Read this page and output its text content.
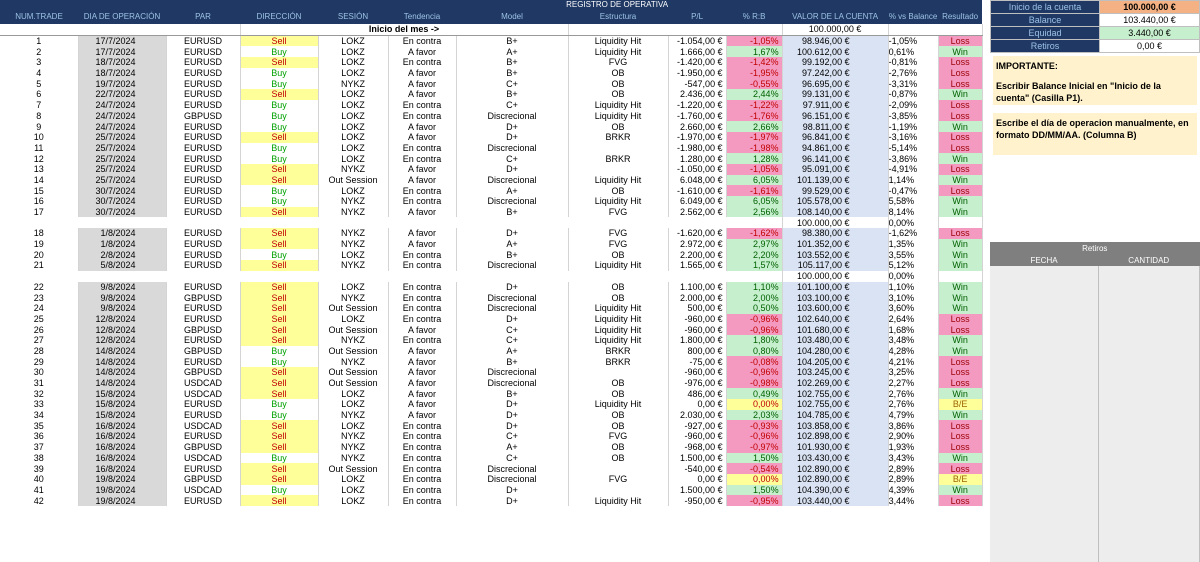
REGISTRO DE OPERATIVA												
NUM.TRADE	DIA DE OPERACIÓN	PAR	DIRECCIÓN	SESIÓN	Tendencia	Model	Estructura	P/L	% R:B	VALOR DE LA CUENTA	% vs Balance	Resultado
			Inicio del mes ->							100.000,00 €		
1	17/7/2024	EURUSD	Sell	LOKZ	En contra	B+	Liquidity Hit	-1.054,00 €	-1,05%	98.946,00 €	-1,05%	Loss
2	17/7/2024	EURUSD	Buy	LOKZ	A favor	A+	Liquidity Hit	1.666,00 €	1,67%	100.612,00 €	0,61%	Win
3	18/7/2024	EURUSD	Sell	LOKZ	En contra	B+	FVG	-1.420,00 €	-1,42%	99.192,00 €	-0,81%	Loss
4	18/7/2024	EURUSD	Buy	LOKZ	A favor	B+	OB	-1.950,00 €	-1,95%	97.242,00 €	-2,76%	Loss
5	19/7/2024	EURUSD	Buy	NYKZ	A favor	C+	OB	-547,00 €	-0,55%	96.695,00 €	-3,31%	Loss
6	22/7/2024	EURUSD	Sell	LOKZ	A favor	B+	OB	2.436,00 €	2,44%	99.131,00 €	-0,87%	Win
7	24/7/2024	EURUSD	Buy	LOKZ	En contra	C+	Liquidity Hit	-1.220,00 €	-1,22%	97.911,00 €	-2,09%	Loss
8	24/7/2024	GBPUSD	Buy	LOKZ	En contra	Discrecional	Liquidity Hit	-1.760,00 €	-1,76%	96.151,00 €	-3,85%	Loss
9	24/7/2024	EURUSD	Buy	LOKZ	A favor	D+	OB	2.660,00 €	2,66%	98.811,00 €	-1,19%	Win
10	25/7/2024	EURUSD	Sell	LOKZ	A favor	D+	BRKR	-1.970,00 €	-1,97%	96.841,00 €	-3,16%	Loss
11	25/7/2024	EURUSD	Buy	LOKZ	En contra	Discrecional		-1.980,00 €	-1,98%	94.861,00 €	-5,14%	Loss
12	25/7/2024	EURUSD	Buy	LOKZ	En contra	C+	BRKR	1.280,00 €	1,28%	96.141,00 €	-3,86%	Win
13	25/7/2024	EURUSD	Sell	NYKZ	A favor	D+		-1.050,00 €	-1,05%	95.091,00 €	-4,91%	Loss
14	25/7/2024	EURUSD	Sell	Out Session	A favor	Discrecional	Liquidity Hit	6.048,00 €	6,05%	101.139,00 €	1,14%	Win
15	30/7/2024	EURUSD	Buy	LOKZ	En contra	A+	OB	-1.610,00 €	-1,61%	99.529,00 €	-0,47%	Loss
16	30/7/2024	EURUSD	Buy	NYKZ	En contra	Discrecional	Liquidity Hit	6.049,00 €	6,05%	105.578,00 €	5,58%	Win
17	30/7/2024	EURUSD	Sell	NYKZ	A favor	B+	FVG	2.562,00 €	2,56%	108.140,00 €	8,14%	Win
										100.000,00 €	0,00%	
18	1/8/2024	EURUSD	Sell	NYKZ	A favor	D+	FVG	-1.620,00 €	-1,62%	98.380,00 €	-1,62%	Loss
19	1/8/2024	EURUSD	Sell	NYKZ	A favor	A+	FVG	2.972,00 €	2,97%	101.352,00 €	1,35%	Win
20	2/8/2024	EURUSD	Buy	LOKZ	En contra	B+	OB	2.200,00 €	2,20%	103.552,00 €	3,55%	Win
21	5/8/2024	EURUSD	Sell	NYKZ	En contra	Discrecional	Liquidity Hit	1.565,00 €	1,57%	105.117,00 €	5,12%	Win
										100.000,00 €	0,00%	
22	9/8/2024	EURUSD	Sell	LOKZ	En contra	D+	OB	1.100,00 €	1,10%	101.100,00 €	1,10%	Win
23	9/8/2024	GBPUSD	Sell	NYKZ	En contra	Discrecional	OB	2.000,00 €	2,00%	103.100,00 €	3,10%	Win
24	9/8/2024	EURUSD	Sell	Out Session	En contra	Discrecional	Liquidity Hit	500,00 €	0,50%	103.600,00 €	3,60%	Win
25	12/8/2024	EURUSD	Sell	LOKZ	En contra	D+	Liquidity Hit	-960,00 €	-0,96%	102.640,00 €	2,64%	Loss
26	12/8/2024	GBPUSD	Sell	Out Session	A favor	C+	Liquidity Hit	-960,00 €	-0,96%	101.680,00 €	1,68%	Loss
27	12/8/2024	EURUSD	Sell	NYKZ	En contra	C+	Liquidity Hit	1.800,00 €	1,80%	103.480,00 €	3,48%	Win
28	14/8/2024	GBPUSD	Buy	Out Session	A favor	A+	BRKR	800,00 €	0,80%	104.280,00 €	4,28%	Win
29	14/8/2024	EURUSD	Buy	NYKZ	A favor	B+	BRKR	-75,00 €	-0,08%	104.205,00 €	4,21%	Loss
30	14/8/2024	GBPUSD	Sell	Out Session	A favor	Discrecional		-960,00 €	-0,96%	103.245,00 €	3,25%	Loss
31	14/8/2024	USDCAD	Sell	Out Session	A favor	Discrecional	OB	-976,00 €	-0,98%	102.269,00 €	2,27%	Loss
32	15/8/2024	USDCAD	Sell	LOKZ	A favor	B+	OB	486,00 €	0,49%	102.755,00 €	2,76%	Win
33	15/8/2024	EURUSD	Buy	LOKZ	A favor	D+	Liquidity Hit	0,00 €	0,00%	102.755,00 €	2,76%	B/E
34	15/8/2024	EURUSD	Buy	NYKZ	A favor	D+	OB	2.030,00 €	2,03%	104.785,00 €	4,79%	Win
35	16/8/2024	USDCAD	Sell	LOKZ	En contra	D+	OB	-927,00 €	-0,93%	103.858,00 €	3,86%	Loss
36	16/8/2024	EURUSD	Sell	NYKZ	En contra	C+	FVG	-960,00 €	-0,96%	102.898,00 €	2,90%	Loss
37	16/8/2024	GBPUSD	Sell	NYKZ	En contra	A+	OB	-968,00 €	-0,97%	101.930,00 €	1,93%	Loss
38	16/8/2024	USDCAD	Buy	NYKZ	En contra	C+	OB	1.500,00 €	1,50%	103.430,00 €	3,43%	Win
39	16/8/2024	EURUSD	Sell	Out Session	En contra	Discrecional		-540,00 €	-0,54%	102.890,00 €	2,89%	Loss
40	19/8/2024	GBPUSD	Sell	LOKZ	En contra	Discrecional	FVG	0,00 €	0,00%	102.890,00 €	2,89%	B/E
41	19/8/2024	USDCAD	Buy	LOKZ	En contra	D+		1.500,00 €	1,50%	104.390,00 €	4,39%	Win
42	19/8/2024	EURUSD	Sell	LOKZ	En contra	D+	Liquidity Hit	-950,00 €	-0,95%	103.440,00 €	3,44%	Loss
Inicio de la cuenta	100.000,00 €
Balance	103.440,00 €
Equidad	3.440,00 €
Retiros	0,00 €
IMPORTANTE:
Escribir Balance Inicial en "Inicio de la cuenta" (Casilla P1).
Escribe el día de operacion manualmente, en formato DD/MM/AA. (Columna B)
Retiros	
FECHA	CANTIDAD
